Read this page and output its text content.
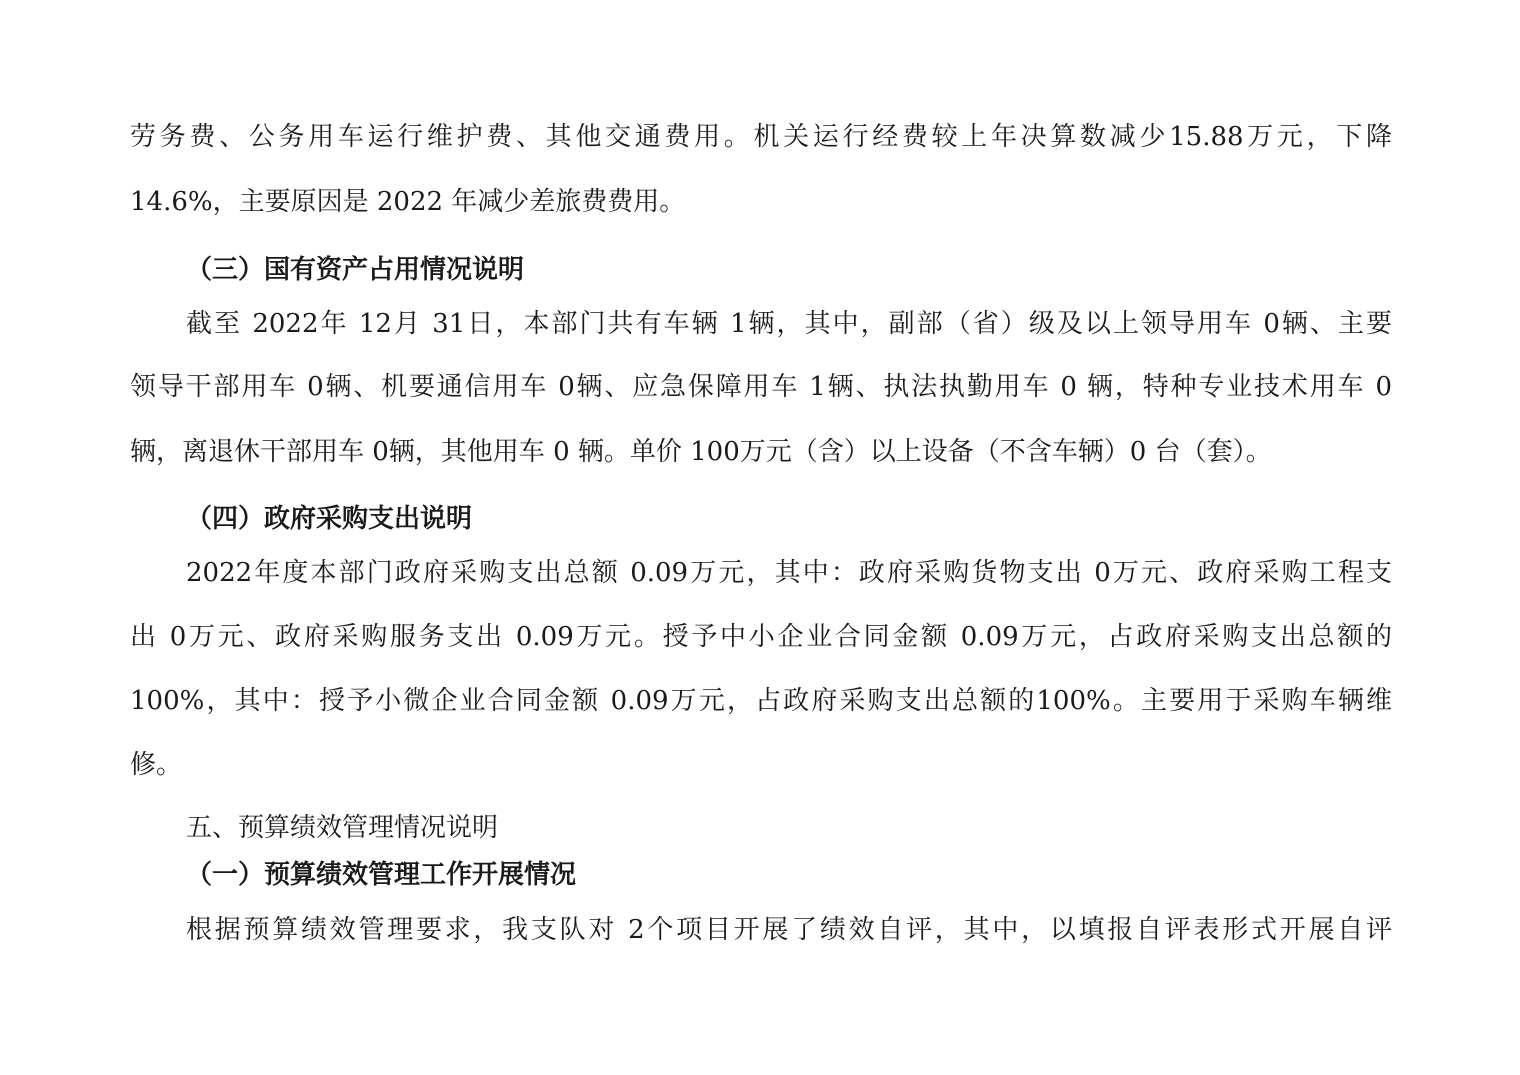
劳务费、公务用车运行维护费、其他交通费用。机关运行经费较上年决算数减少15.88万元，下降
14.6%，主要原因是 2022 年减少差旅费费用。
（三）国有资产占用情况说明
截至 2022年 12月 31日，本部门共有车辆 1辆，其中，副部（省）级及以上领导用车 0辆、主要
领导干部用车 0辆、机要通信用车 0辆、应急保障用车 1辆、执法执勤用车 0 辆，特种专业技术用车 0
辆，离退休干部用车 0辆，其他用车 0 辆。单价 100万元（含）以上设备（不含车辆）0 台（套）。
（四）政府采购支出说明
2022年度本部门政府采购支出总额 0.09万元，其中：政府采购货物支出 0万元、政府采购工程支
出 0万元、政府采购服务支出 0.09万元。授予中小企业合同金额 0.09万元，占政府采购支出总额的
100%，其中：授予小微企业合同金额 0.09万元，占政府采购支出总额的100%。主要用于采购车辆维
修。
五、预算绩效管理情况说明
（一）预算绩效管理工作开展情况
根据预算绩效管理要求，我支队对 2个项目开展了绩效自评，其中，以填报自评表形式开展自评
